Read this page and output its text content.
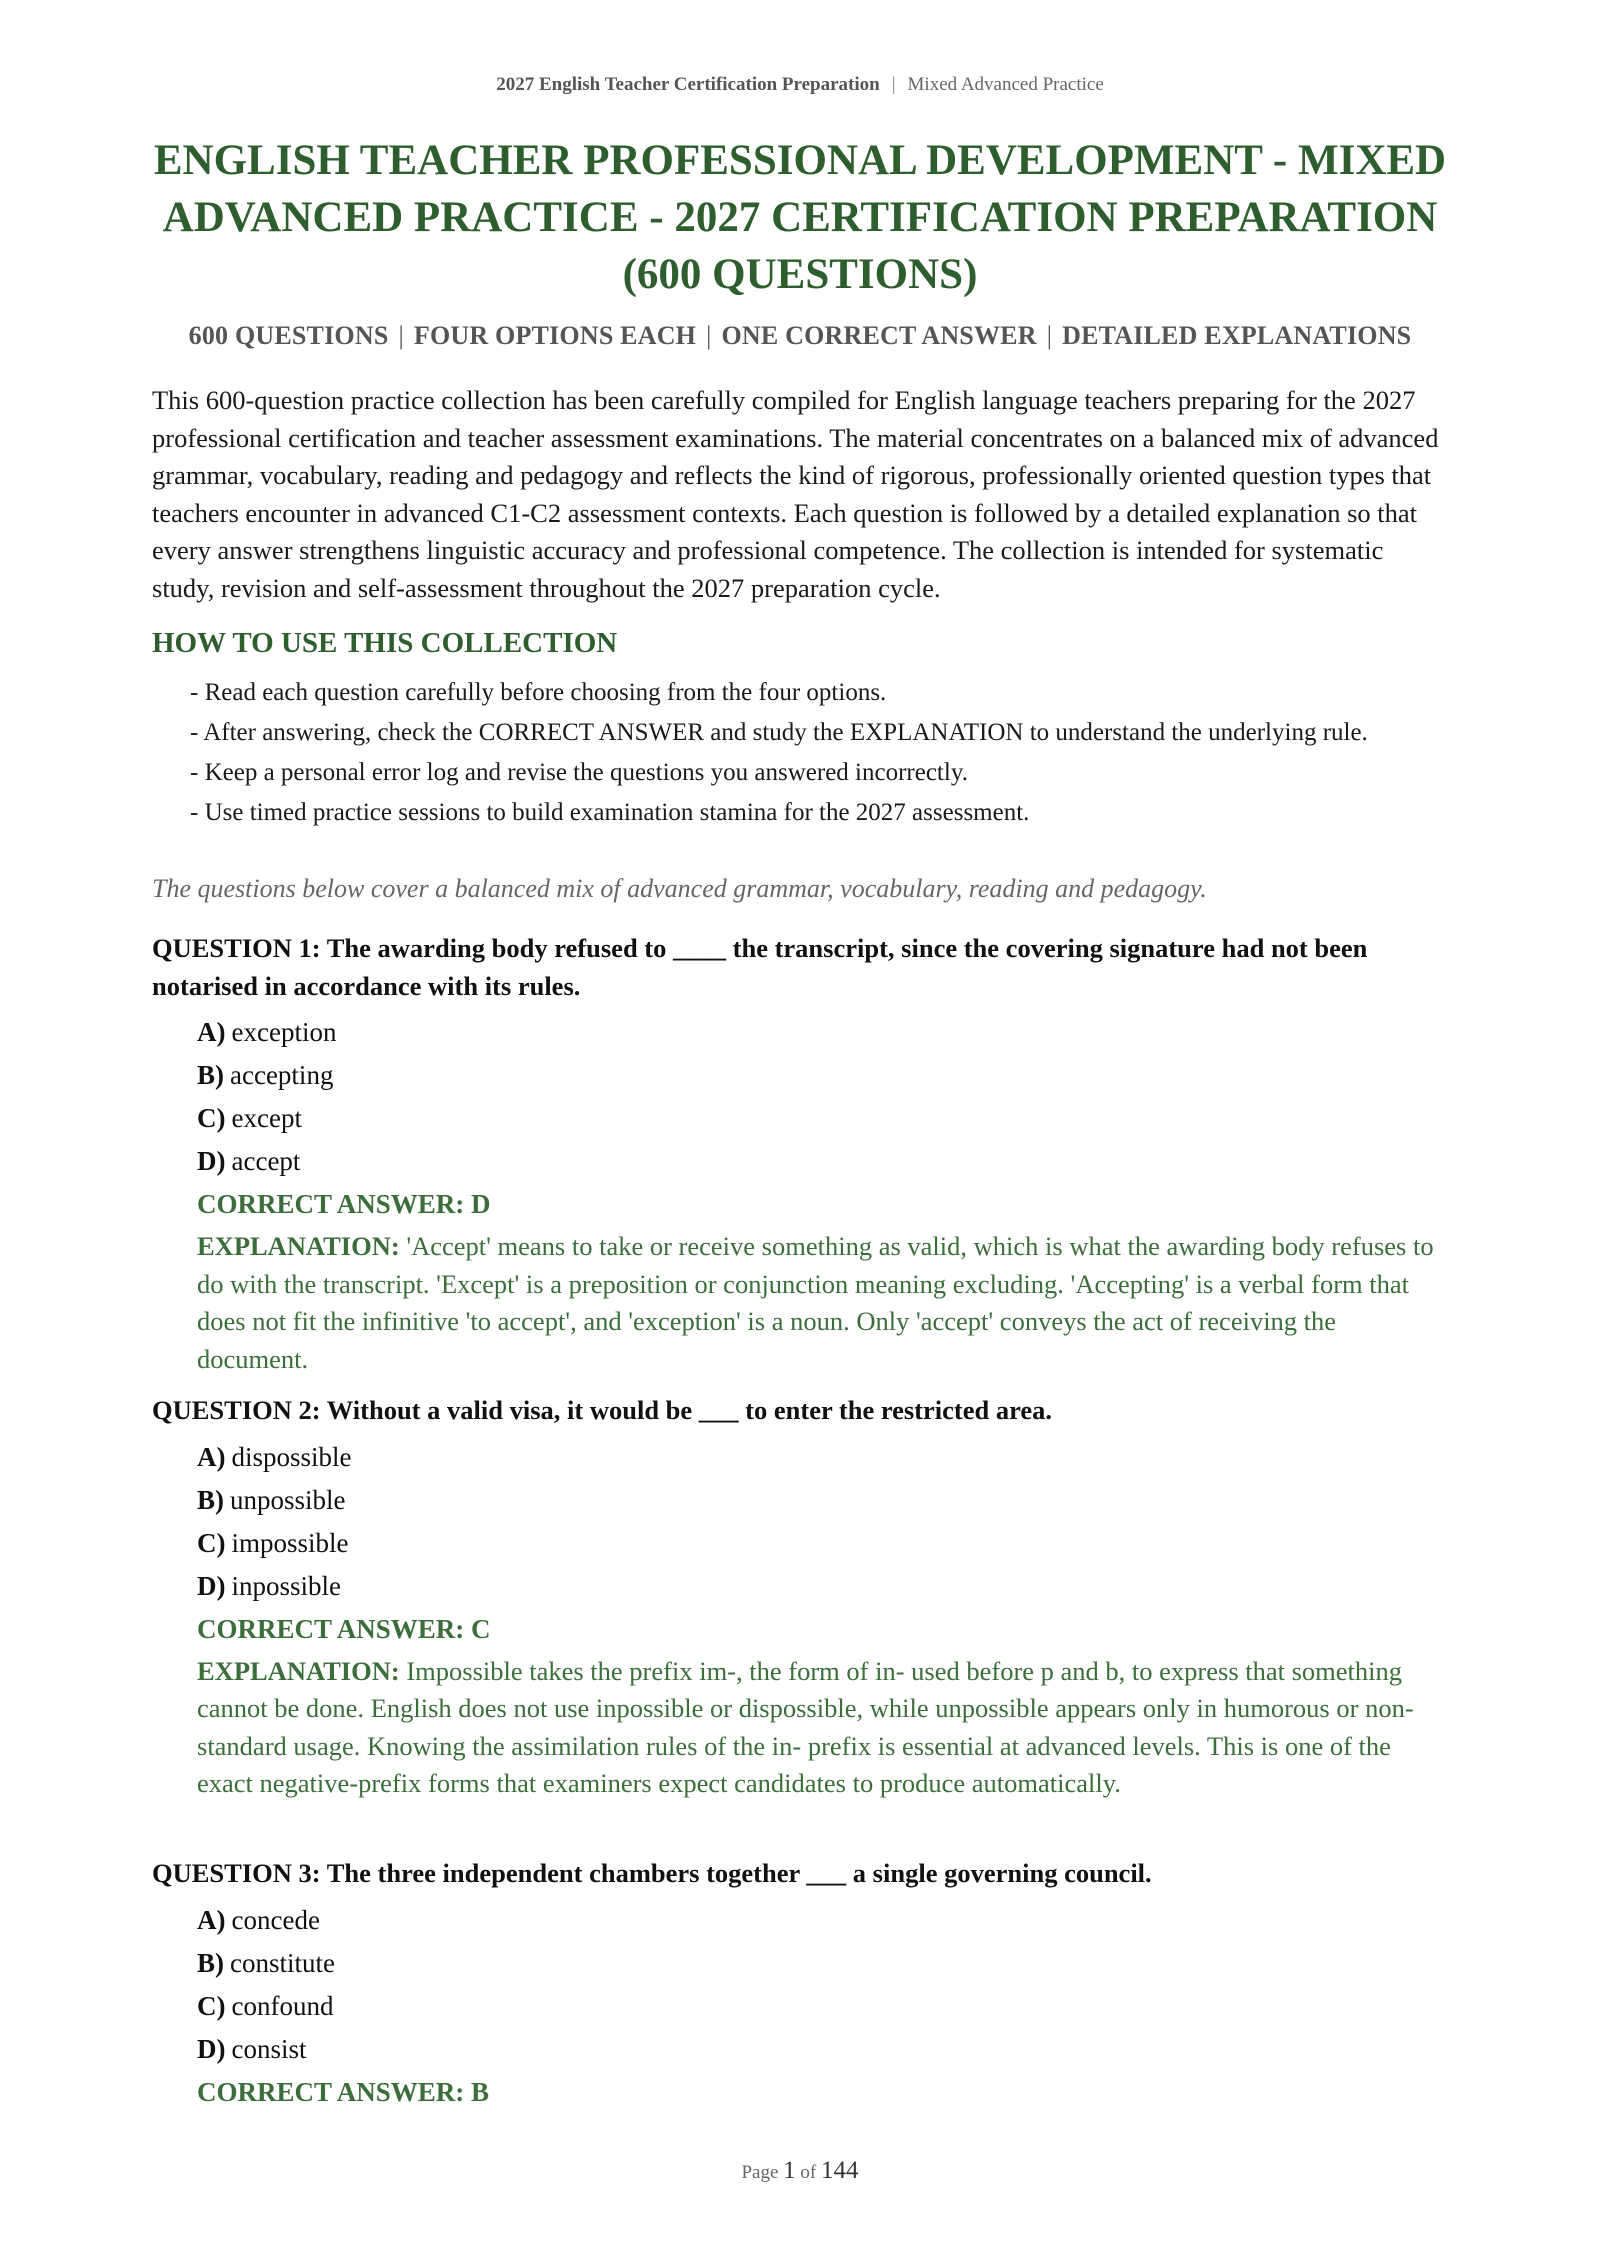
2027 English Teacher Certification Preparation | Mixed Advanced Practice
ENGLISH TEACHER PROFESSIONAL DEVELOPMENT - MIXED ADVANCED PRACTICE - 2027 CERTIFICATION PREPARATION (600 QUESTIONS)
600 QUESTIONS | FOUR OPTIONS EACH | ONE CORRECT ANSWER | DETAILED EXPLANATIONS

This 600-question practice collection has been carefully compiled for English language teachers preparing for the 2027 professional certification and teacher assessment examinations. The material concentrates on a balanced mix of advanced grammar, vocabulary, reading and pedagogy and reflects the kind of rigorous, professionally oriented question types that teachers encounter in advanced C1-C2 assessment contexts. Each question is followed by a detailed explanation so that every answer strengthens linguistic accuracy and professional competence. The collection is intended for systematic study, revision and self-assessment throughout the 2027 preparation cycle.

HOW TO USE THIS COLLECTION
- Read each question carefully before choosing from the four options.
- After answering, check the CORRECT ANSWER and study the EXPLANATION to understand the underlying rule.
- Keep a personal error log and revise the questions you answered incorrectly.
- Use timed practice sessions to build examination stamina for the 2027 assessment.

The questions below cover a balanced mix of advanced grammar, vocabulary, reading and pedagogy.

QUESTION 1: The awarding body refused to ____ the transcript, since the covering signature had not been notarised in accordance with its rules.

A) exception
B) accepting
C) except
D) accept

CORRECT ANSWER: D

EXPLANATION: 'Accept' means to take or receive something as valid, which is what the awarding body refuses to do with the transcript. 'Except' is a preposition or conjunction meaning excluding. 'Accepting' is a verbal form that does not fit the infinitive 'to accept', and 'exception' is a noun. Only 'accept' conveys the act of receiving the document.

QUESTION 2: Without a valid visa, it would be ___ to enter the restricted area.

A) dispossible
B) unpossible
C) impossible
D) inpossible

CORRECT ANSWER: C

EXPLANATION: Impossible takes the prefix im-, the form of in- used before p and b, to express that something cannot be done. English does not use inpossible or dispossible, while unpossible appears only in humorous or non-standard usage. Knowing the assimilation rules of the in- prefix is essential at advanced levels. This is one of the exact negative-prefix forms that examiners expect candidates to produce automatically.

QUESTION 3: The three independent chambers together ___ a single governing council.

A) concede
B) constitute
C) confound
D) consist

CORRECT ANSWER: B

Page 1 of 144
